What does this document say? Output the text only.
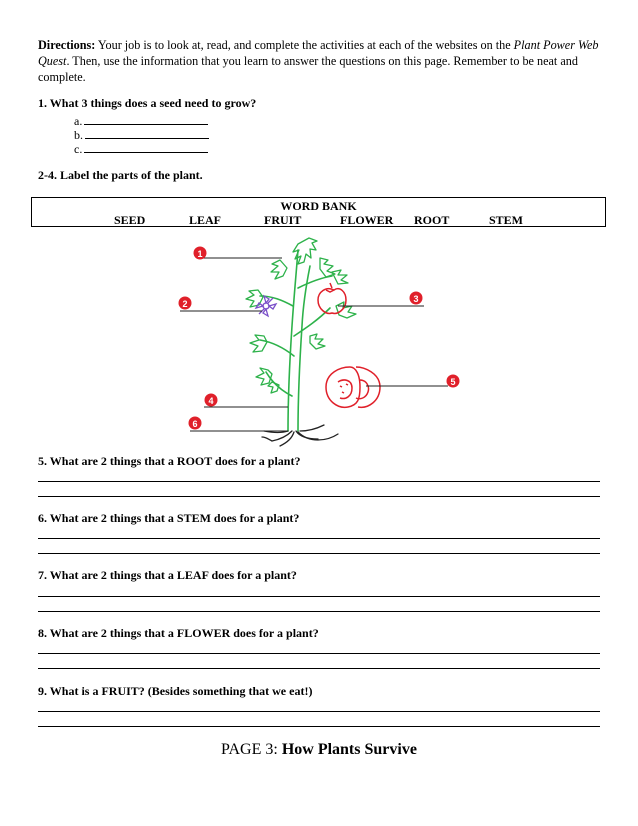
Directions: Your job is to look at, read, and complete the activities at each of the websites on the Plant Power Web Quest. Then, use the information that you learn to answer the questions on this page. Remember to be neat and complete.
1. What 3 things does a seed need to grow?
a.
b.
c.
2-4. Label the parts of the plant.
WORD BANK
SEED	LEAF	FRUIT	FLOWER ROOT	STEM
1
2	3
4
5
6
5. What are 2 things that a ROOT does for a plant?
6. What are 2 things that a STEM does for a plant?
7. What are 2 things that a LEAF does for a plant?
8. What are 2 things that a FLOWER does for a plant?
9. What is a FRUIT? (Besides something that we eat!)
PAGE 3: How Plants Survive
